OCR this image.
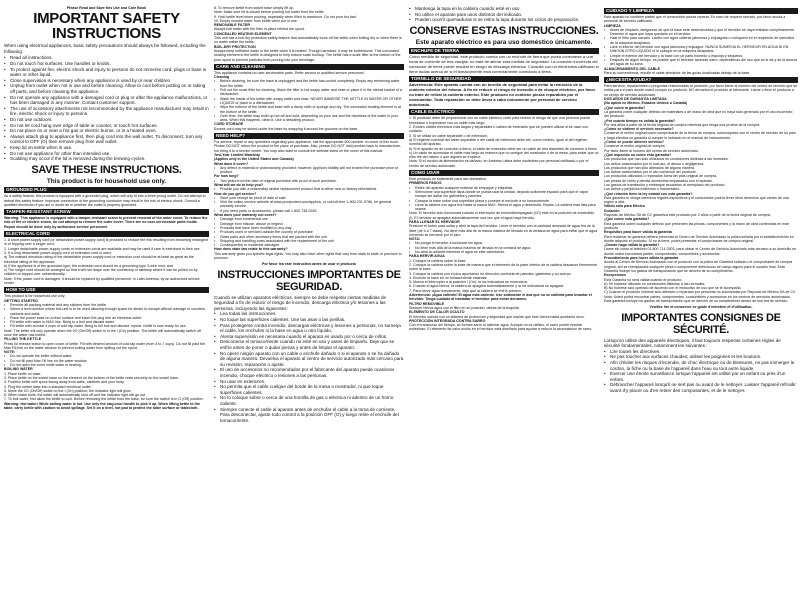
Please Read and Save this Use and Care Book
IMPORTANT SAFETY INSTRUCTIONS
When using electrical appliances, basic safety precautions should always be followed, including the following:
• Read all instructions.
• Do not touch hot surfaces. Use handles or knobs.
• To protect against fire, electric shock and injury to persons do not immerse cord, plugs or base in water or other liquid.
• Close supervision is necessary when any appliance is used by or near children.
• Unplug from outlet when not in use and before cleaning. Allow to cool before putting on or taking off parts, and before cleaning the appliance.
• Do not operate any appliance with a damaged cord or plug or after the appliance malfunctions, or has been damaged in any manner. Contact customer support.
• The use of accessory attachments not recommended by the appliance manufacturer may result in fire, electric shock or injury to persons.
• Do not use outdoors.
• Do not let cord hang over edge of table or counter, or touch hot surfaces.
• Do not place on or near a hot gas or electric burner, or in a heated oven.
• Always attach plug to appliance first, then plug cord into the wall outlet. To disconnect, turn any control to OFF (O) then remove plug from wall outlet.
• Keep lid on kettle when in use.
• Do not use appliance for other than intended use.
• Scalding may occur if the lid is removed during the brewing cycles.
SAVE THESE INSTRUCTIONS.
This product is for household use only.
GROUNDED PLUG
As a safety feature, this product is equipped with a grounded plug, which will only fit into a three-prong outlet. Do not attempt to defeat this safety feature. Improper connection of the grounding conductor may result in the risk of electric shock. Consult a qualified electrician if you are in doubt as to whether the outlet is properly grounded.
TAMPER-RESISTANT SCREW
Warning: This appliance is equipped with a tamper-resistant screw to prevent removal of the outer cover. To reduce the risk of fire or electric shock, do not attempt to remove the outer cover. There are no user-serviceable parts inside. Repair should be done only by authorized service personnel.
ELECTRICAL CORD
1. A short power-supply cord (or detachable power-supply cord) is provided to reduce the risk resulting from becoming entangled in or tripping over a longer cord.
2. Longer detachable power-supply cords or extension cords are available and may be used if care is exercised in their use.
3. If a long detachable power-supply cord or extension cord is used,
a) The marked electrical rating of the detachable power-supply cord or extension cord should be at least as great as the electrical rating of the appliance,
b) If the appliance is of the grounded type, the extension cord should be a grounding-type 3-wire cord, and
c) The longer cord should be arranged so that it will not drape over the countertop or tabletop where it can be pulled on by children or tripped over unintentionally.
Note: If the power cord is damaged, it should be replaced by qualified personnel; in Latin America, by an authorized service center.
HOW TO USE
This product is for household use only.
GETTING STARTED
• Remove all packing material and any stickers from the kettle.
• Select a level surface where this unit is to be used allowing enough space for steam to escape without damage to counters, cabinets and walls.
• Place the power base on a level surface and insert the plug into an electrical outlet.
• Fill kettle with water to MAX line. Bring to a boil and discard water.
• Fill kettle with at least 4 cups of cold tap water. Bring to full boil and discard; repeat. Kettle is now ready for use.
Note: The kettle will only operate when the I/O (On/Off) switch is in the I (On) position. The kettle will automatically switch off once the water has boiled.
FILLING THE KETTLE
Press lid release button to open cover of kettle. Fill with desired amount of cold tap water (from 4 to 7 cups). Do not fill past the Max Fill line on the water window to prevent boiling water from spilling out the spout.
NOTE:
• Do not operate the kettle without water.
• Do not fill past Max Fill line on the water window.
• Do not open the cover while water is heating.
BOILING WATER
1. Place kettle on base.
2. Place kettle on the swivel base so the element on the bottom of the kettle rests securely on the swivel base.
3. Position kettle with spout facing away from walls, cabinets and your body.
4. Plug the swivel base into a standard electrical outlet.
5. Move the I/O (On/Off) switch to the I (On) position; the indicator light will glow.
6. When water boils, the kettle will automatically shut off and the indicator light will go out.
7. To boil water, first allow the kettle to cool. Before removing the kettle from the base, be sure the switch is in O (Off) position.
Warning: Hot water! While boiling water is hot. Use only the stay-cool handle to pick it up. When lifting kettle to the table, carry kettle with caution to avoid spillage. Set it on a level, hot pad to protect the table surface or tablecloth.
8. To remove kettle from swivel base simply lift up.
Note: Make sure lid is closed before pouring hot water from the kettle.
9. Hold kettle level when pouring, especially when filled to maximum. Do not pour too fast.
10. Empty unused water from kettle when not in use.
REMOVABLE FILTER
Always boil water with the filter in place behind the spout.
CONCEALED HEATING ELEMENT
This unit has a boil-dry protection safety feature that automatically turns off the kettle when boiling dry or when there is no water inside the kettle.
BOIL-DRY PROTECTION
Always keep sufficient water in the kettle when it is heated. Though harmless, it may be bothersome. This concealed heating element in the kettle is designed to help reduce scale buildup. The kettle has a scale filter at the bottom of the pour spout to prevent particles from pouring into your beverage.
CARE AND CLEANING
This appliance contains no user-serviceable parts. Refer service to qualified service personnel.
Cleaning
• Before cleaning, be sure the base is unplugged and the kettle has cooled completely. Empty any remaining water from the kettle.
• Pull out the scale filter for cleaning. Wash the filter in hot soapy water and rinse or place it in the utensil basket of a dishwasher.
• Wash the inside of the kettle with soapy water and rinse. NEVER IMMERSE THE KETTLE IN WATER OR OTHER LIQUIDS or place in a dishwasher.
• Wipe the exterior of the kettle and base with a damp cloth or sponge and dry. The concealed heating element is at the bottom of the kettle.
• Over time, the kettle may build up hot off and cold, depending on your use and the hardness of the water in your area. When this happens, clean it. Use a descaling product.
CORD STORAGE
Excess cord may be stored under the base by wrapping it around the grooves on the base.
NEED HELP?
For service, repair or any questions regarding your appliance, call the appropriate 800 number on cover of this book. Please DO NOT return the product to the place of purchase. Also, please DO NOT mail product back to manufacturer, nor bring it to a service center. You may also want to consult the website listed on the cover of this manual.
Two-Year Limited Warranty
(Applies only in the United States and Canada)
What does it cover?
• Any defect in material or workmanship provided; however, Applica's liability will not exceed the purchase price of product.
For how long?
• Two years from the date of original purchase with proof of such purchase.
What will we do to help you?
• Provide you with a reasonably similar replacement product that is either new or factory refurbished.
How do you get service?
• Save your receipt as proof of date of sale.
• Visit the online service website at www.prodprotect.com/applica, or call toll-free 1-800-231-9786, for general warranty service.
• If you need parts or accessories, please call 1-800-738-0245.
What does your warranty not cover?
• Damage from commercial use
• Damage from misuse, abuse or neglect
• Products that have been modified in any way
• Products used or serviced outside the country of purchase
• Glass parts and other accessory items that are packed with the unit
• Shipping and handling costs associated with the replacement of the unit
• Consequential or incidental damages
How does state law relate to this warranty?
This warranty gives you specific legal rights. You may also have other rights that vary from state to state or province to province.
Por favor lea este instructivo antes de usar el producto
INSTRUCCIONES IMPORTANTES DE SEGURIDAD.
Cuando se utilizan aparatos eléctricos, siempre se debe respetar ciertas medidas de seguridad a fin de reducir el riesgo de incendio, descarga eléctrica y/o lesiones a las personas, incluyendo las siguientes:
• Lea todas las instrucciones.
• No toque las superficies calientes. Use las asas o las perillas.
• Para protegerse contra incendio, descargas eléctricas y lesiones a personas, no sumerja el cable, los enchufes ni la base en agua u otro líquido.
• Atenta supervisión es necesaria cuando el aparato es usado por o cerca de niños.
• Desconecte el tomacorriente cuando no esté en uso y antes de limpiarlo. Deje que se enfríe antes de poner o quitar piezas y antes de limpiar el aparato.
• No opere ningún aparato con un cable o enchufe dañado o si el aparato o se ha dañado de alguna manera. Devuelva el aparato al centro de servicio autorizado más cercano para su revisión, reparación o ajuste.
• El uso de accesorios no recomendados por el fabricante del aparato puede ocasionar incendio, choque eléctrico o lesiones a las personas.
• No usar en exteriores.
• No permita que el cable cuelgue del borde de la mesa o mostrador, ni que toque superficies calientes.
• No lo coloque sobre o cerca de una hornilla de gas o eléctrica ni adentro de un horno caliente.
• Siempre conecte el cable al aparato antes de enchufar el cable a la toma de corriente. Para desconectar, ajuste todo control a la posición OFF (O) y luego retire el enchufe del tomacorriente.
• Mantenga la tapa en la caldera cuando esté en uso.
• No utilice el aparato para usos distintos del indicado.
• Pueden ocurrir quemaduras si se retira la tapa durante los ciclos de preparación.
CONSERVE ESTAS INSTRUCCIONES.
Este aparato eléctrico es para uso doméstico únicamente.
ENCHUFE DE TIERRA
Como medida de seguridad, este producto cuenta con un enchufe de tierra que podrá conectarse a una toma de corriente de tres clavijas; no trate de alterar esta medida de seguridad. La conexión incorrecta del conductor de tierra puede resultar en riesgo de descarga eléctrica. Consulte con un electricista calificado si tiene dudas acerca de si el tomacorriente está correctamente conectado a tierra.
TORNILLO DE SEGURIDAD
Advertencia: Este aparato cuenta con un tornillo de seguridad para evitar la remoción de la cubierta exterior del mismo. A fin de reducir el riesgo de incendio o de choque eléctrico, por favor no trate de retirar la cubierta exterior. Este producto no contiene piezas reparables por el consumidor. Toda reparación se debe llevar a cabo únicamente por personal de servicio autorizado.
CABLE ELÉCTRICO
1. El producto debe de proporcionar con un cable eléctrico corto para reducir el riesgo de que una persona pueda enredarse o tropezarse con un cable más largo.
2. Existen cables eléctricos más largos y separables o cables de extensión que se pueden utilizar si se usan con cuidado.
3. Si se utiliza un cable separable o de extensión,
a) El régimen nominal del cable separable o del cable de extensión debe ser, como mínimo, igual al del régimen nominal del aparato.
b) Si el aparato es de conexión a tierra, el cable de extensión debe ser un cable de tres alambres de conexión a tierra.
c) Un cable de acomodar el cable más largo de manera que no cuelgue del mostrador o de la mesa, para evitar que un niño tire del mismo o que alguien se tropiece.
Nota: Si el cordón de alimentación es dañado, en América Latina debe sustituirse por personal calificado o por el centro de servicio autorizado.
COMO USAR
Este producto es solamente para uso doméstico.
PRIMEROS PASOS
• Retire del aparato cualquier material de empaque y etiquetas.
• Seleccione una superficie llana donde se pueda usar la unidad, dejando suficiente espacio para que el vapor escape sin dañar los gabinetes y paredes.
• Coloque la base sobre una superficie plana y conecte el enchufe a un tomacorriente.
• Llene la caldera con agua fría hasta la marca MAX. Hierva el agua y deséchela. Repita. La caldera está lista para usarse.
Nota: El hervidor solo funcionará cuando el interruptor de encendido/apagado (I/O) esté en la posición de encendido (I). El hervidor se apagará automáticamente una vez que el agua haya hervido.
PARA LLENAR EL HERVIDOR
Presione el botón para soltar y abrir la tapa del hervidor. Llene el hervidor con la cantidad deseada de agua fría de la llave (de 4 a 7 tazas). No llene más allá de la marca máxima de llenado en la ventana de agua para evitar que el agua hirviendo se derrame por el pico.
NOTA:
• No ponga el hervidor a funcionar sin agua.
• No llene más allá de la marca máxima de llenado en la ventana de agua.
• No abra la cubierta mientras el agua se esté calentando.
PARA HERVIR AGUA
1. Coloque la caldera sobre la base.
2. Coloque la caldera sobre la base de manera que el elemento de la parte inferior de la caldera descanse firmemente sobre la base.
3. Coloque la caldera con el pico apuntando en dirección contraria de paredes, gabinetes y su cuerpo.
4. Enchufe la base en un tomacorriente estándar.
5. Mueva el interruptor a la posición I (On); la luz indicadora se encenderá.
6. Cuando el agua hierva, la caldera se apagará automáticamente y la luz indicadora se apagará.
7. Para hervir agua nuevamente, deje que la caldera se enfríe primero.
Advertencia: ¡Agua caliente! El agua está caliente. Use solamente el asa que no se calienta para levantar el hervidor. Tenga cuidado al trasladar el hervidor para evitar derrames.
FILTRO REMOVIBLE
Siempre hierva agua con el filtro en su posición, detrás de la boquilla.
ELEMENTO DE CALOR OCULTO
El hervidor cuenta con un sistema de protección y seguridad que impide que éste hierva hasta quedarse seco.
PROTECCIÓN INTEGRADA CONTRA SARRO
Con el transcurso del tiempo, se forman sarro al calentar agua. Aunque no es dañino, el sarro puede resultar molestoso. El elemento de calor oculto en el hervidor está diseñado para ayudar a reducir la acumulación de sarro.
CUIDADO Y LIMPIEZA
Este aparato no contiene partes que el consumidor pueda reparar. En caso de requerir servicio, por favor acuda a personal de servicio calificado.
LIMPIEZA
• Antes de limpiarlo, asegúrese de que la base esté desenchufada y que el hervidor se haya enfriado completamente. Deseche el agua que haya quedado en el hervidor.
• Hale el filtro para sacarlo. Lávelo con agua caliente jabonosa y enjuáguelo o colóquelo en el recipiente de utensilios de la máquina lavaplatos.
• Lave el interior del hervidor con agua jabonosa y enjuague. NUNCA SUMERJA EL HERVIDOR EN AGUA NI EN NINGÚN OTRO LÍQUIDO ni lo coloque en la máquina lavaplatos.
• Limpie el exterior del hervidor y la base con un paño húmedo o esponja y séquelos.
• Después de algún tiempo, es posible que el hervidor acumule sarro, dependiendo del uso que se le da y de la dureza del agua de su zona.
ALMACENAMIENTO DEL CABLE
Para su conveniencia, enrolle el cable alrededor de las guías localizadas debajo de la base.
¿NECESITA AYUDA?
Para servicio, reparaciones o preguntas relacionadas al producto, por favor llame al número del centro de servicio que se indica para el país donde usted compró su producto. NO devuelva el producto al fabricante. Llame o lleve el producto a un centro de servicio autorizado.
DOS AÑOS DE GARANTÍA LIMITADA
(No aplica en México, Estados Unidos o Canadá)
¿Qué cubre la garantía?
La garantía cubre cualquier defecto de materiales o de mano de obra que no haya sido generado por el uso incorrecto del producto.
¿Por cuánto tiempo es válida la garantía?
Por dos años a partir de la fecha original de compra mientras que tenga una prueba de la compra.
¿Cómo se obtiene el servicio necesario?
Conserve el recibo original como comprobante de la fecha de compra, comuníquese con el centro de servicio de su país y haga efectiva su garantía si cumple lo indicado en el manual de instrucciones.
¿Cómo se puede obtener servicio?
Conserve el recibo original de compra.
Por favor llame al número del centro de servicio autorizado.
¿Qué aspectos no cubre esta garantía?
Los productos que han sido utilizados en condiciones distintas a las normales.
Los daños ocasionados por el mal uso, el abuso o negligencia.
Los productos que han sido alterados de alguna manera.
Los daños ocasionados por el uso comercial del producto.
Los productos utilizados o reparados fuera del país original de compra.
Las piezas de vidrio y demás accesorios empacados con el aparato.
Los gastos de tramitación y embarque asociados al reemplazo del producto.
Los daños y perjuicios indirectos o incidentales.
¿Qué relación tiene la ley estatal con esta garantía?
Esta garantía le otorga derechos legales específicos y el consumidor podría tener otros derechos que varían de una región a otra.
Válido sólo para México
Duración
Rayovac de México SA de CV garantiza este producto por 2 años a partir de la fecha original de compra.
¿Qué cubre esta garantía?
Esta garantía cubre cualquier defecto que presenten las piezas, componentes y la mano de obra contenidas en este producto.
Requisitos para hacer válida la garantía
Para reclamar su garantía deberá presentar al Centro de Servicio Autorizado la póliza sellada por el establecimiento en donde adquirió el producto. Si no la tiene, podrá presentar el comprobante de compra original.
¿Donde hago válida la garantía?
Llame sin costo al teléfono 01 800 714 2503, para ubicar el Centro de Servicio Autorizado más cercano a su domicilio en donde usted encontrará partes, componentes, consumibles y accesorios.
Procedimiento para hacer válida la garantía
Acuda al Centro de Servicio Autorizado con el producto con la póliza de Garantía sellada o el comprobante de compra original, ahí se reemplazará cualquier pieza o componente defectuoso sin cargo alguno para el usuario final. Esta Garantía incluye los gastos de transportación que se deriven de su cumplimiento.
Excepciones
Esta Garantía no será válida cuando el producto:
A) Se hubiese utilizado en condiciones distintas a las normales.
B) No hubiese sido operado de acuerdo con el instructivo de uso que se le acompaña.
C) Cuando el producto hubiese sido alterado o reparado por personas no autorizadas por Rayovac de México SA de CV.
Nota: Usted podrá encontrar partes, componentes, consumibles y accesorios en los centros de servicios autorizados. Esta garantía incluye los gastos de transportación que se deriven de su cumplimiento dentro de sus red de servicio.
Veuillez lire et conserver ce guide d'entretien et d'utilisation.
IMPORTANTES CONSIGNES DE SÉCURITÉ.
Lorsqu'on utilise des appareils électriques, il faut toujours respecter certaines règles de sécurité fondamentales, notamment les suivantes :
• Lire toutes les directives.
• Ne pas toucher aux surfaces chaudes; utiliser les poignées et les boutons.
• Afin d'éviter les risques d'incendie, de choc électrique ou de blessures, ne pas immerger le cordon, la fiche ou la base de l'appareil dans l'eau ou tout autre liquide.
• Exercer une étroite surveillance lorsque l'appareil est utilisé par un enfant ou près d'un enfant.
• Débrancher l'appareil lorsqu'il ne sert pas ou avant de le nettoyer. Laisser l'appareil refroidir avant d'y placer ou d'en retirer des composantes, et de le nettoyer.
